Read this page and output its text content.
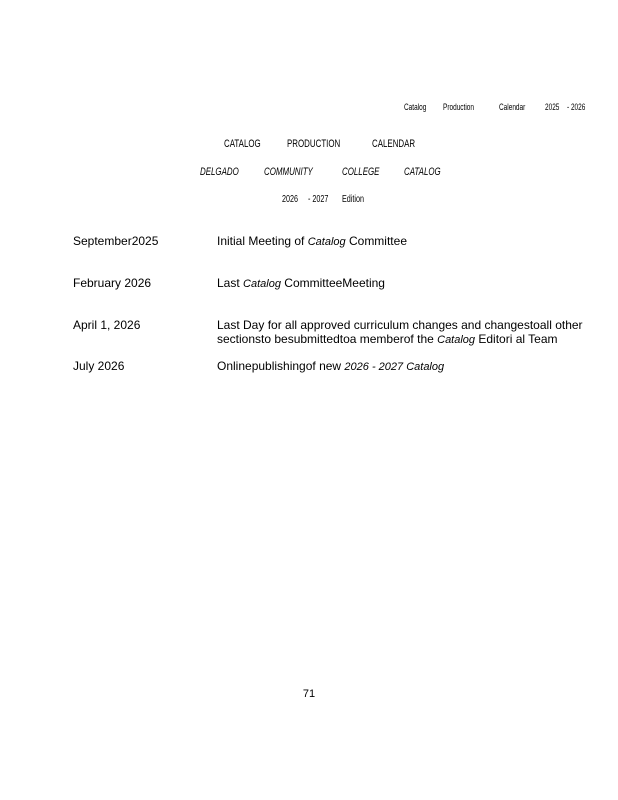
Catalog Production	Calendar 2025 - 2026
CATALOG PRODUCTION	CALENDAR
DELGADO COMMUNITY	COLLEGE CATALOG
2026 - 2027 Edition
September2025	Initial Meeting of Catalog Committee
February 2026	Last Catalog CommitteeMeeting
April 1, 2026	Last Day for all approved curriculum changes and changestoall other
sectionsto besubmittedtoa memberof the Catalog Editori al Team
July 2026	Onlinepublishingof new 2026 - 2027 Catalog
71
